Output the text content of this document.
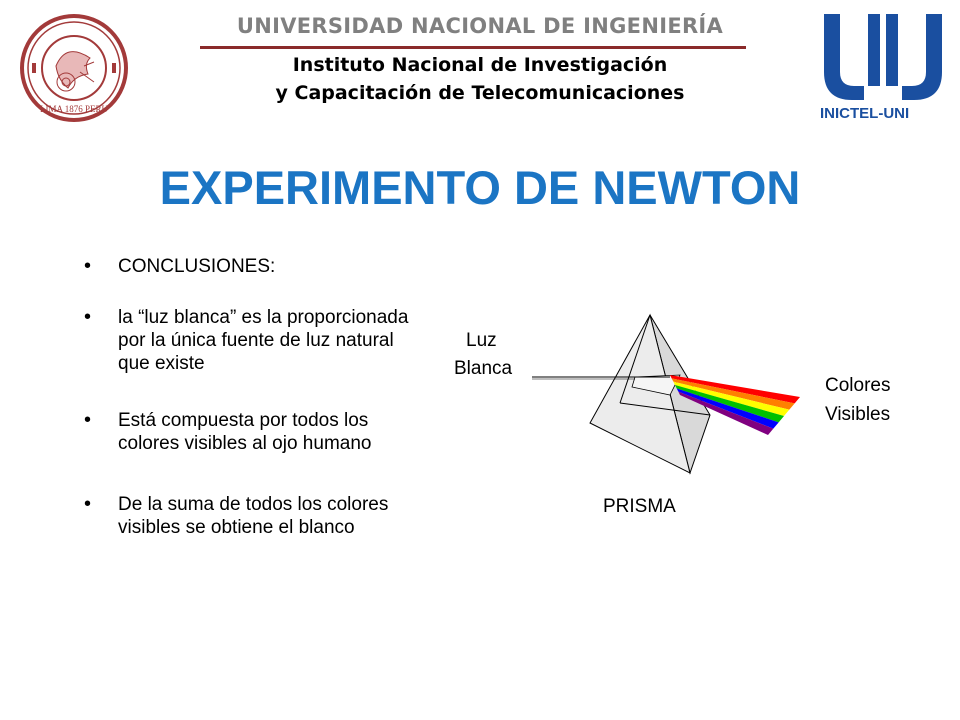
LIMA 1876 PERU
UNIVERSIDAD NACIONAL DE INGENIERÍA
Instituto Nacional de Investigación
y Capacitación de Telecomunicaciones
INICTEL-UNI
EXPERIMENTO DE NEWTON
• CONCLUSIONES:
• la “luz blanca” es la proporcionada por la única fuente de luz natural que existe
• Está compuesta por todos los colores visibles al ojo humano
• De la suma de todos los colores visibles se obtiene el blanco
Luz
Blanca
Colores
Visibles
PRISMA
